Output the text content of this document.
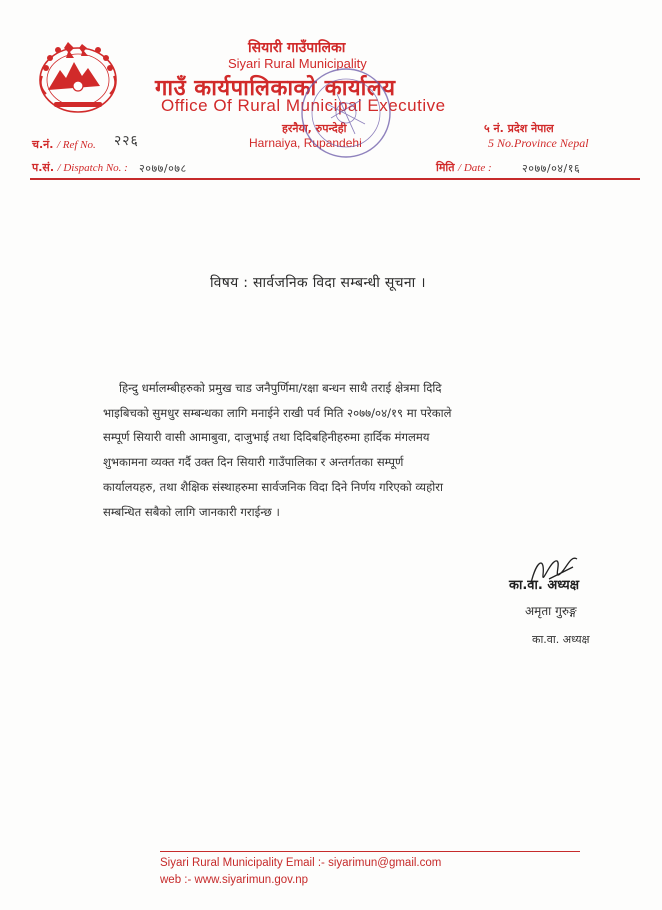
सियारी गाउँपालिका
Siyari Rural Municipality
गाउँ कार्यपालिकाको कार्यालय
Office Of Rural Municipal Executive
हरनैया, रुपन्देही
Harnaiya, Rupandehi
५ नं. प्रदेश नेपाल
5 No.Province Nepal
च.नं. / Ref No. २२६
प.सं. / Dispatch No. : २०७७/०७८	मिति / Date :	२०७७/०४/१६
विषय : सार्वजनिक विदा सम्बन्धी सूचना ।
हिन्दु धर्मालम्बीहरुको प्रमुख चाड जनैपुर्णिमा/रक्षा बन्धन साथै तराई क्षेत्रमा दिदि
भाइबिचको सुमधुर सम्बन्धका लागि मनाईने राखी पर्व मिति २०७७/०४/१९ मा परेकाले
सम्पूर्ण सियारी वासी आमाबुवा, दाजुभाई तथा दिदिबहिनीहरुमा हार्दिक मंगलमय
शुभकामना व्यक्त गर्दै उक्त दिन सियारी गाउँपालिका र अन्तर्गतका सम्पूर्ण
कार्यालयहरु, तथा शैक्षिक संस्थाहरुमा सार्वजनिक विदा दिने निर्णय गरिएको व्यहोरा
सम्बन्धित सबैको लागि जानकारी गराईन्छ ।
का.वा. अध्यक्ष
अमृता गुरुङ्ग
का.वा. अध्यक्ष
Siyari Rural Municipality Email :- siyarimun@gmail.com
web :- www.siyarimun.gov.np
